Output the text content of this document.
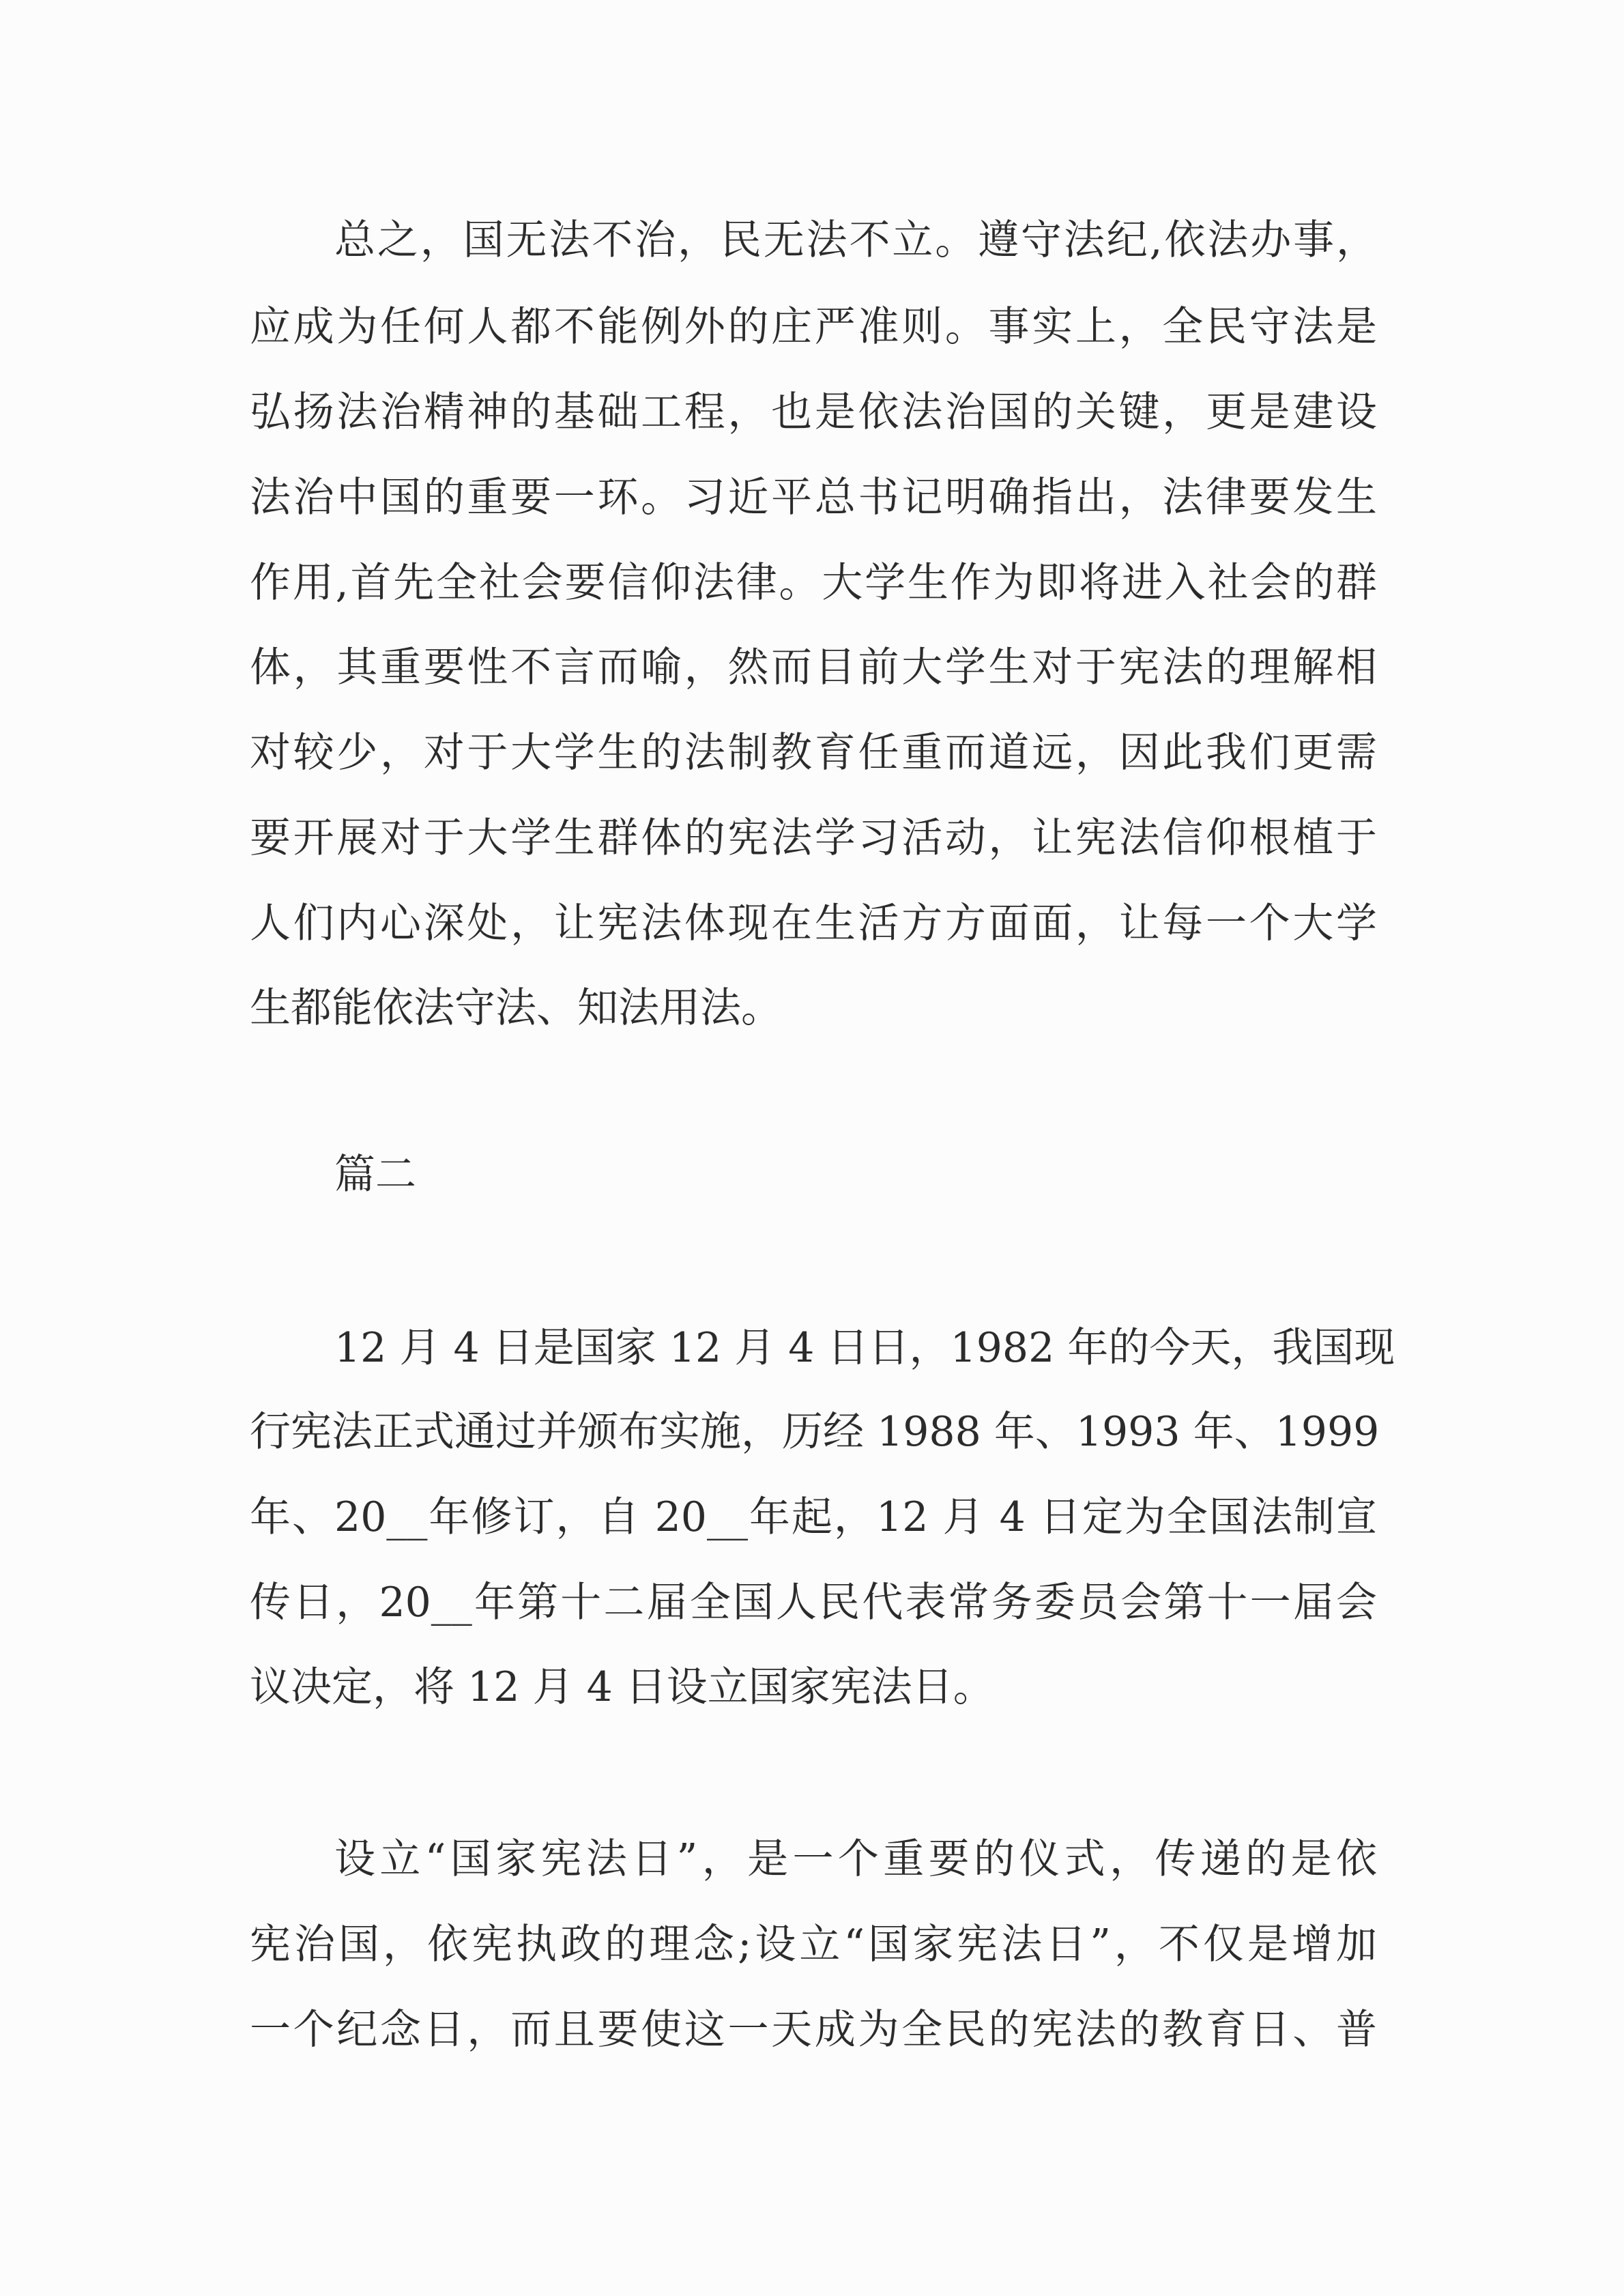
总之，国无法不治，民无法不立。遵守法纪,依法办事，
应成为任何人都不能例外的庄严准则。事实上，全民守法是
弘扬法治精神的基础工程，也是依法治国的关键，更是建设
法治中国的重要一环。习近平总书记明确指出，法律要发生
作用,首先全社会要信仰法律。大学生作为即将进入社会的群
体，其重要性不言而喻，然而目前大学生对于宪法的理解相
对较少，对于大学生的法制教育任重而道远，因此我们更需
要开展对于大学生群体的宪法学习活动，让宪法信仰根植于
人们内心深处，让宪法体现在生活方方面面，让每一个大学
生都能依法守法、知法用法。
篇二
12 月 4 日是国家 12 月 4 日日，1982 年的今天，我国现
行宪法正式通过并颁布实施，历经 1988 年、1993 年、1999
年、20__年修订，自 20__年起，12 月 4 日定为全国法制宣
传日，20__年第十二届全国人民代表常务委员会第十一届会
议决定，将 12 月 4 日设立国家宪法日。
设立“国家宪法日”，是一个重要的仪式，传递的是依
宪治国，依宪执政的理念;设立“国家宪法日”，不仅是增加
一个纪念日，而且要使这一天成为全民的宪法的教育日、普
